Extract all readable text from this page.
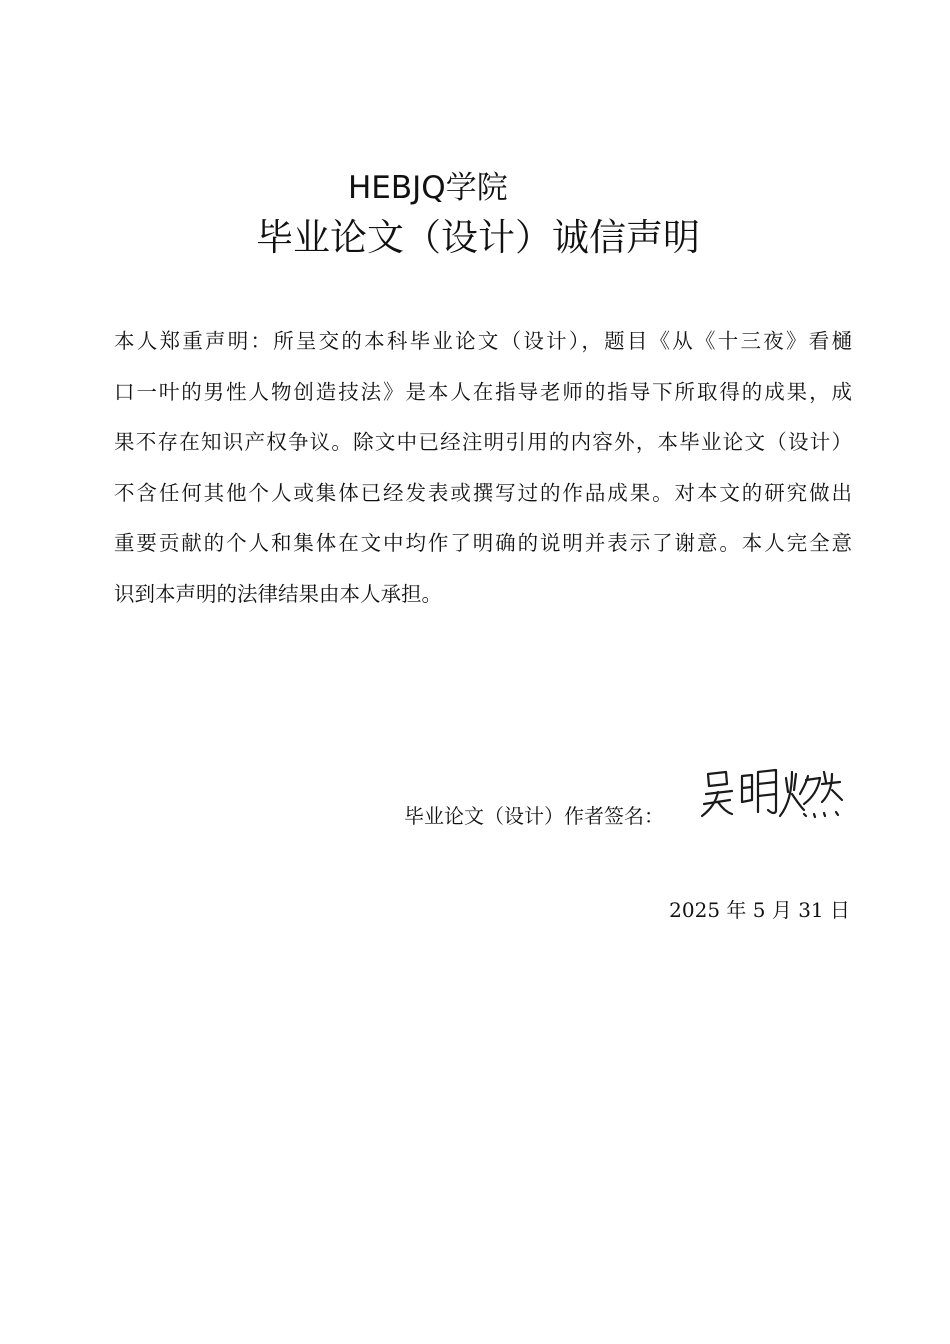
HEBJQ学院
毕业论文（设计）诚信声明
本人郑重声明：所呈交的本科毕业论文（设计），题目《从《十三夜》看樋
口一叶的男性人物创造技法》是本人在指导老师的指导下所取得的成果，成
果不存在知识产权争议。除文中已经注明引用的内容外，本毕业论文（设计）
不含任何其他个人或集体已经发表或撰写过的作品成果。对本文的研究做出
重要贡献的个人和集体在文中均作了明确的说明并表示了谢意。本人完全意
识到本声明的法律结果由本人承担。
毕业论文（设计）作者签名：
2025 年 5 月 31 日
